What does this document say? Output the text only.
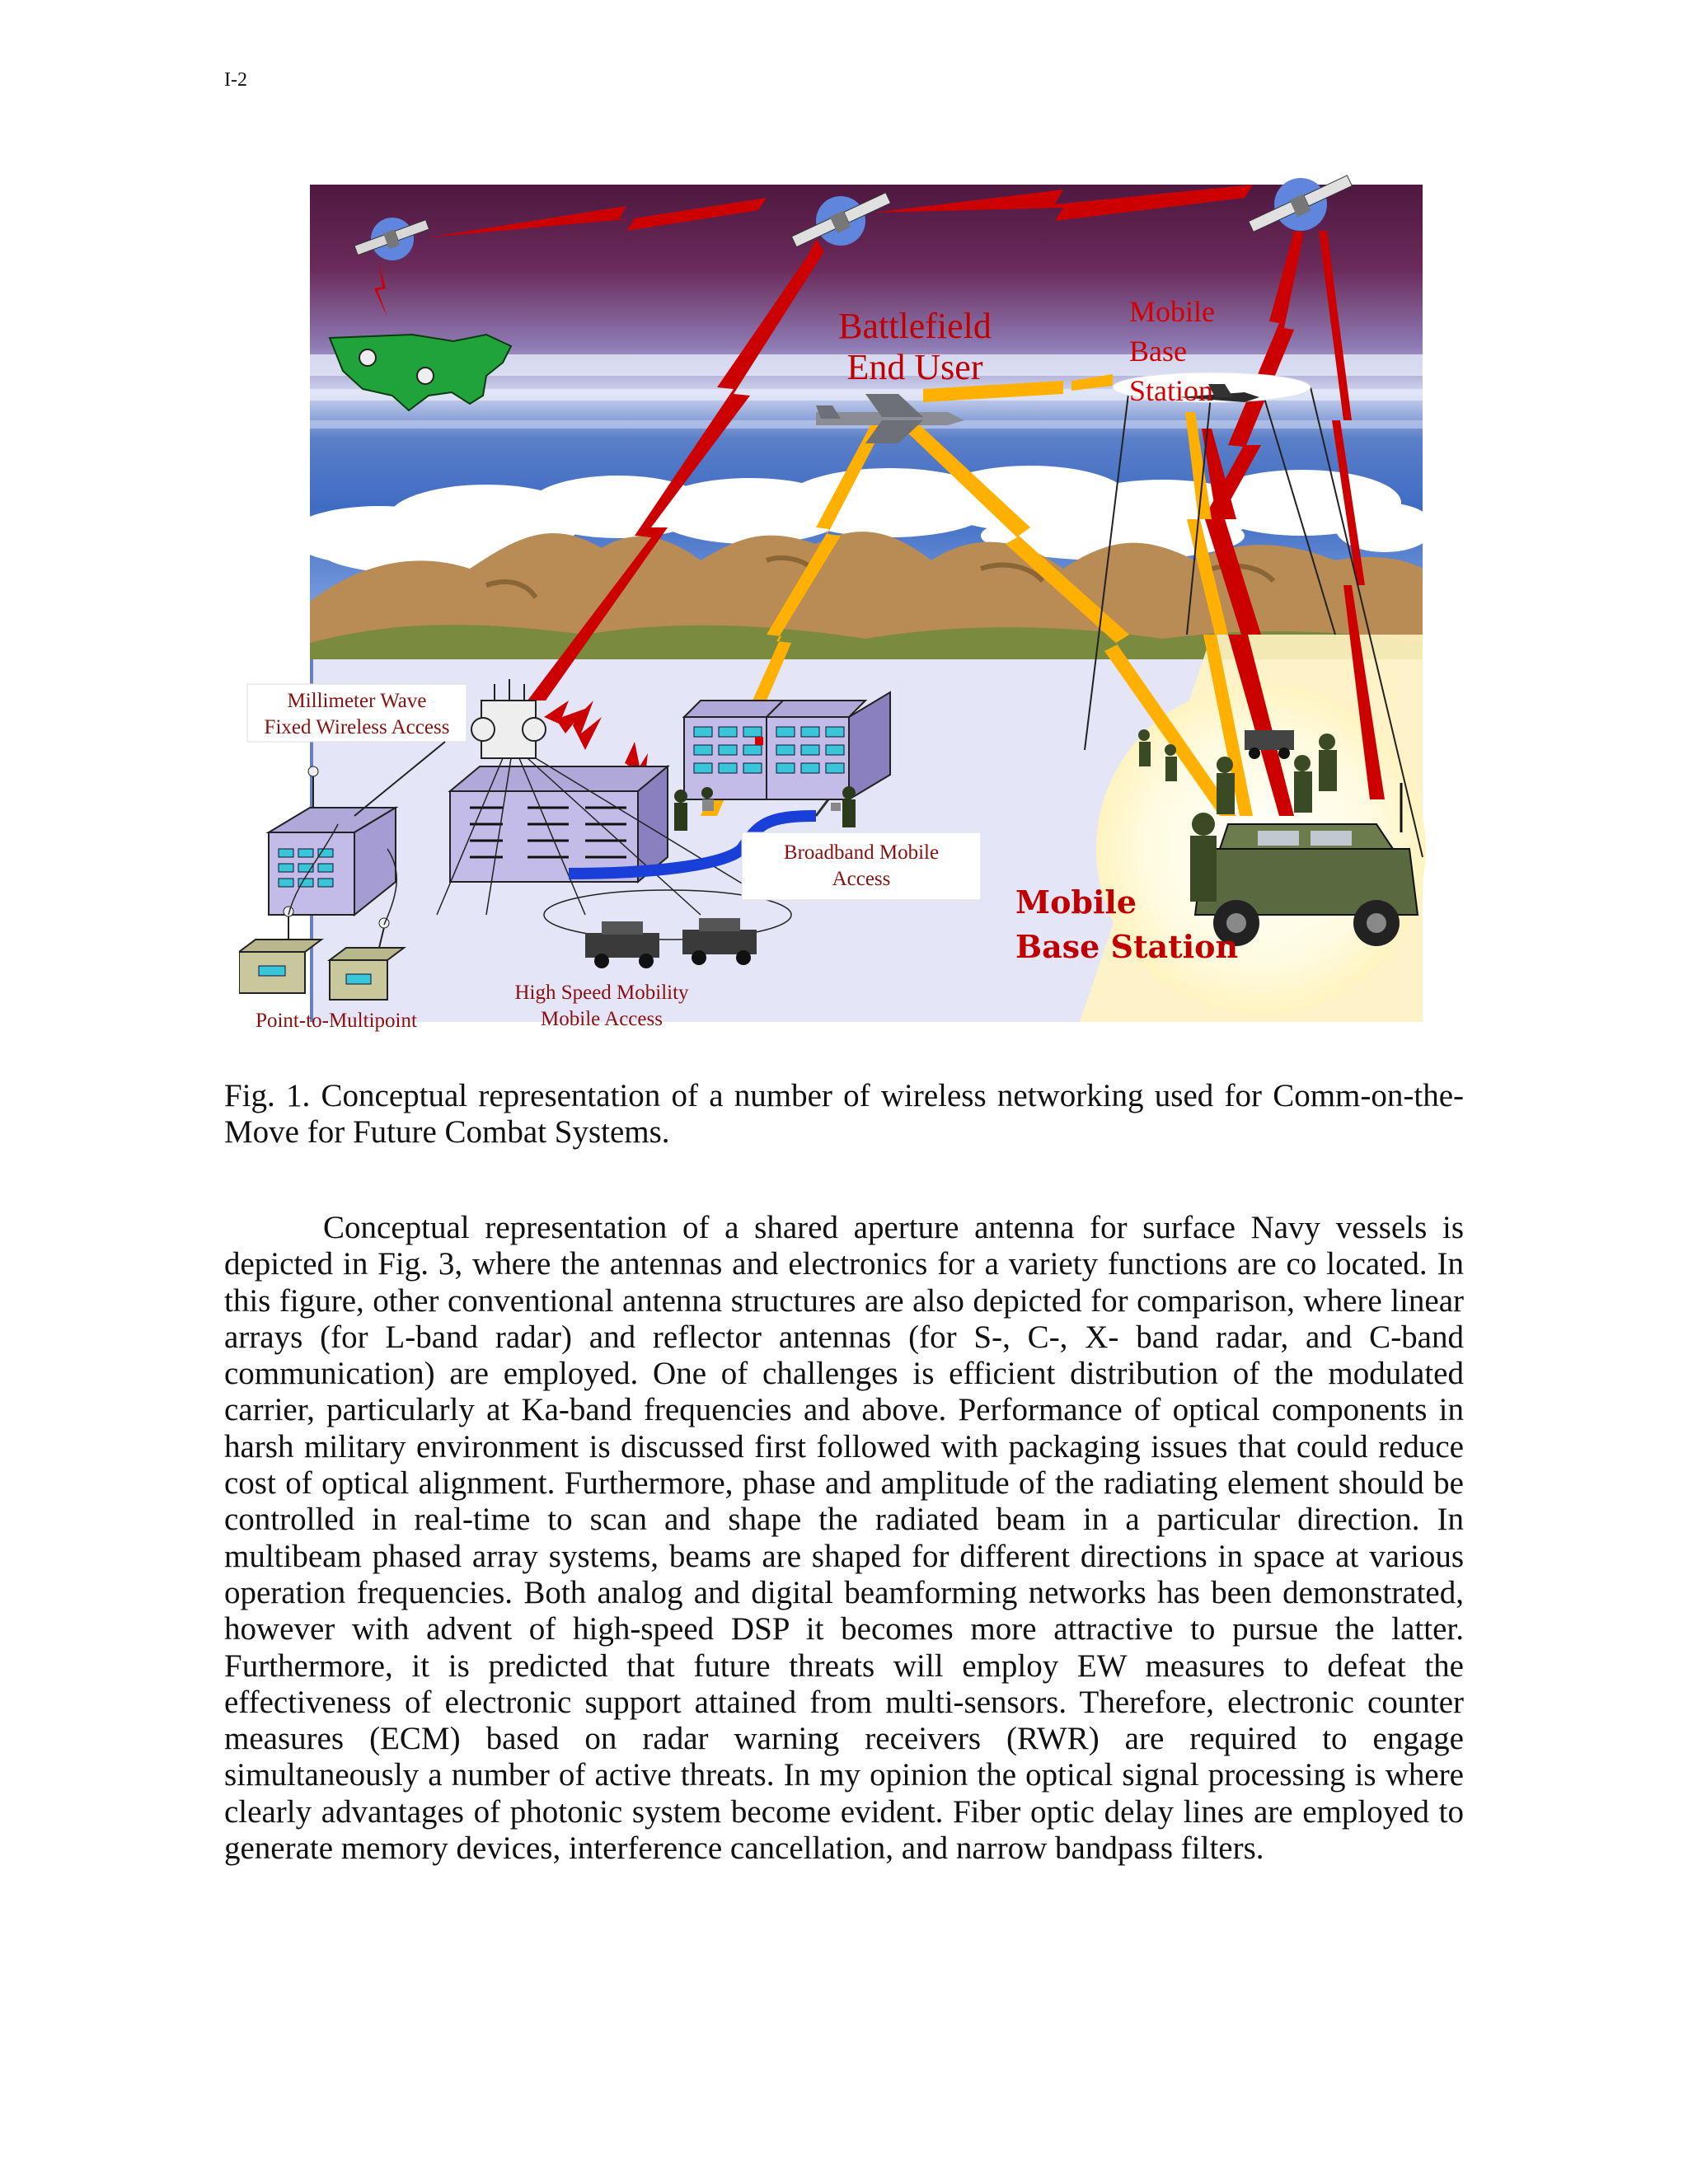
I-2
Battlefield
End User
Mobile
Base
Station
Millimeter Wave
Fixed Wireless Access
Broadband Mobile
Access
Point-to-Multipoint
High Speed Mobility
Mobile Access
Mobile
Base Station
Fig. 1. Conceptual representation of a number of wireless networking used for Comm-on-the-Move for Future Combat Systems.
Conceptual representation of a shared aperture antenna for surface Navy vessels is depicted in Fig. 3, where the antennas and electronics for a variety functions are co located. In this figure, other conventional antenna structures are also depicted for comparison, where linear arrays (for L-band radar) and reflector antennas (for S-, C-, X- band radar, and C-band communication) are employed. One of challenges is efficient distribution of the modulated carrier, particularly at Ka-band frequencies and above. Performance of optical components in harsh military environment is discussed first followed with packaging issues that could reduce cost of optical alignment. Furthermore, phase and amplitude of the radiating element should be controlled in real-time to scan and shape the radiated beam in a particular direction. In multibeam phased array systems, beams are shaped for different directions in space at various operation frequencies. Both analog and digital beamforming networks has been demonstrated, however with advent of high-speed DSP it becomes more attractive to pursue the latter. Furthermore, it is predicted that future threats will employ EW measures to defeat the effectiveness of electronic support attained from multi-sensors. Therefore, electronic counter measures (ECM) based on radar warning receivers (RWR) are required to engage simultaneously a number of active threats. In my opinion the optical signal processing is where clearly advantages of photonic system become evident. Fiber optic delay lines are employed to generate memory devices, interference cancellation, and narrow bandpass filters.
